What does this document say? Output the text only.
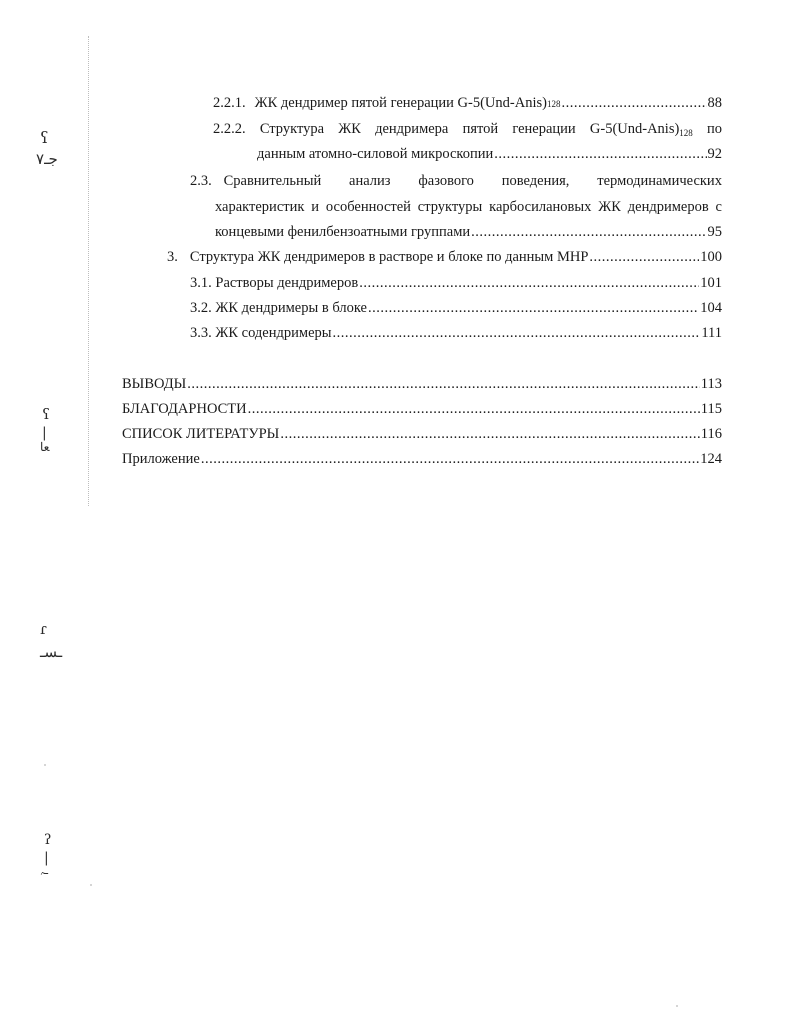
ʕ
جـ۷
ʕ
|
ﻌﺎ
ɾ
ـﺴـ
ʔ
|
ـﮧ
2.2.1. ЖК дендример пятой генерации G-5(Und-Anis) 128 .....	88
2.2.2. Структура ЖК дендримера пятой генерации $G-5(Und-Anis)_{128}$ по
данным атомно-силовой микроскопии .....	92
2.3. Сравнительный анализ фазового поведения, термодинамических
характеристик и особенностей структуры карбосилановых ЖК дендримеров с
концевыми фенилбензоатными группами .....	95
3. Структура ЖК дендримеров в растворе и блоке по данным МНР .....	100
3.1. Растворы дендримеров .....	101
3.2. ЖК дендримеры в блоке .....	104
3.3. ЖК содендримеры .....	111
ВЫВОДЫ .....	113
БЛАГОДАРНОСТИ .....	115
СПИСОК ЛИТЕРАТУРЫ .....	116
Приложение .....	124
